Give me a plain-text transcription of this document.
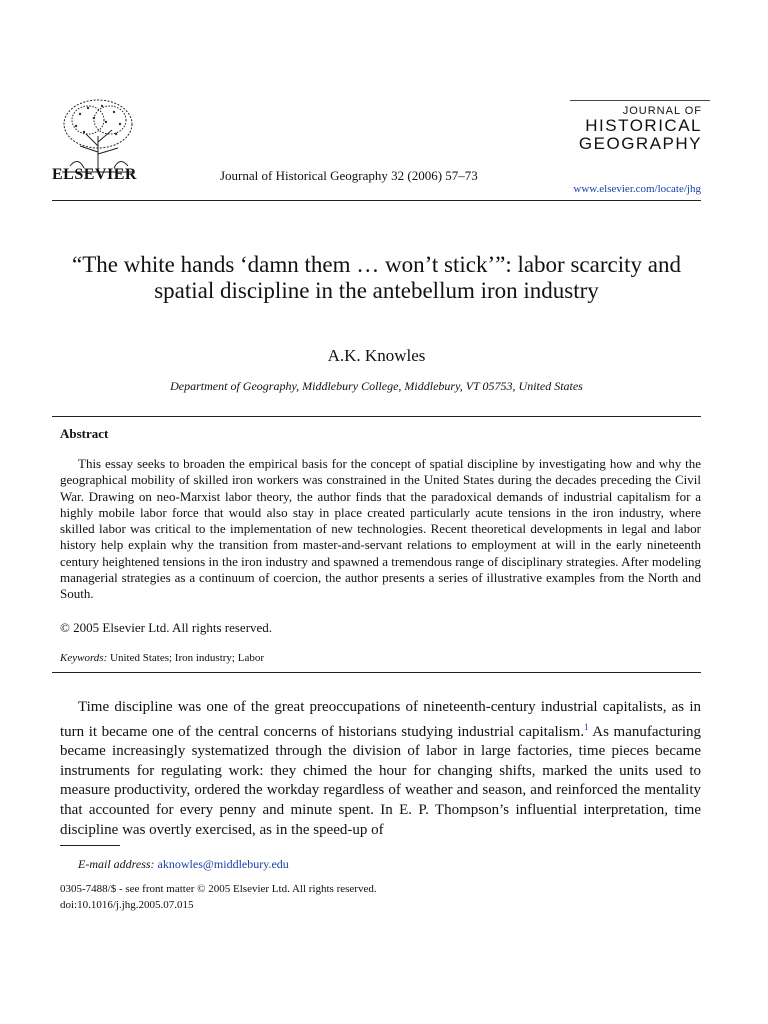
ELSEVIER	Journal of Historical Geography 32 (2006) 57–73
JOURNAL OF
HISTORICAL
GEOGRAPHY
www.elsevier.com/locate/jhg
“The white hands ‘damn them … won’t stick’”: labor scarcity and spatial discipline in the antebellum iron industry
A.K. Knowles
Department of Geography, Middlebury College, Middlebury, VT 05753, United States
Abstract

This essay seeks to broaden the empirical basis for the concept of spatial discipline by investigating how and why the geographical mobility of skilled iron workers was constrained in the United States during the decades preceding the Civil War. Drawing on neo-Marxist labor theory, the author finds that the paradoxical demands of industrial capitalism for a highly mobile labor force that would also stay in place created particularly acute tensions in the iron industry, where skilled labor was critical to the implementation of new technologies. Recent theoretical developments in legal and labor history help explain why the transition from master-and-servant relations to employment at will in the early nineteenth century heightened tensions in the iron industry and spawned a tremendous range of disciplinary strategies. After modeling managerial strategies as a continuum of coercion, the author presents a series of illustrative examples from the North and South.

© 2005 Elsevier Ltd. All rights reserved.
Keywords: United States; Iron industry; Labor

Time discipline was one of the great preoccupations of nineteenth-century industrial capitalists, as in turn it became one of the central concerns of historians studying industrial capitalism.$^1$ As manufacturing became increasingly systematized through the division of labor in large factories, time pieces became instruments for regulating work: they chimed the hour for changing shifts, marked the units used to measure productivity, ordered the workday regardless of weather and season, and reinforced the mentality that accounted for every penny and minute spent. In E. P. Thompson’s influential interpretation, time discipline was overtly exercised, as in the speed-up of

E-mail address: aknowles@middlebury.edu
0305-7488/$ - see front matter © 2005 Elsevier Ltd. All rights reserved.
doi:10.1016/j.jhg.2005.07.015
